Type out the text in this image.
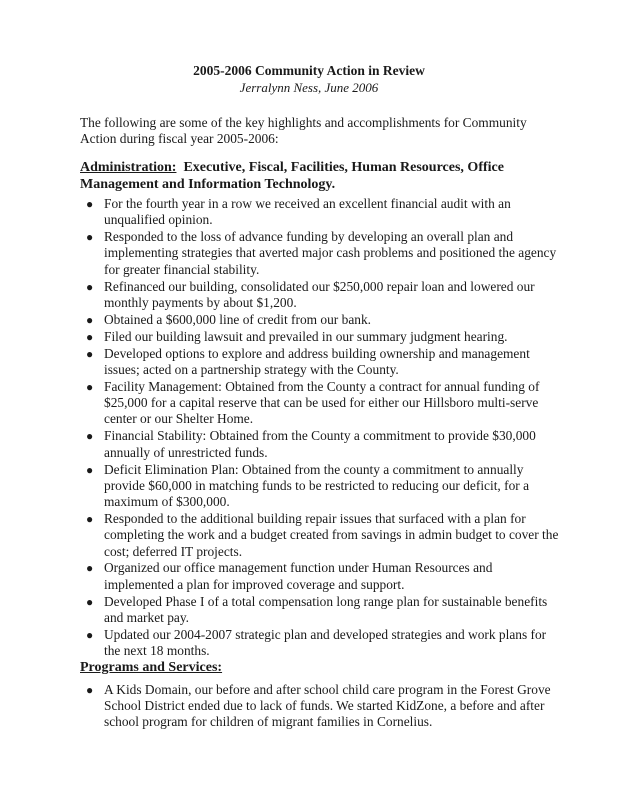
2005-2006 Community Action in Review
Jerralynn Ness, June 2006
The following are some of the key highlights and accomplishments for Community Action during fiscal year 2005-2006:

Administration:  Executive, Fiscal, Facilities, Human Resources, Office Management and Information Technology.

● For the fourth year in a row we received an excellent financial audit with an unqualified opinion.
● Responded to the loss of advance funding by developing an overall plan and implementing strategies that averted major cash problems and positioned the agency for greater financial stability.
● Refinanced our building, consolidated our $250,000 repair loan and lowered our monthly payments by about $1,200.
● Obtained a $600,000 line of credit from our bank.
● Filed our building lawsuit and prevailed in our summary judgment hearing.
● Developed options to explore and address building ownership and management issues; acted on a partnership strategy with the County.
● Facility Management: Obtained from the County a contract for annual funding of $25,000 for a capital reserve that can be used for either our Hillsboro multi-serve center or our Shelter Home.
● Financial Stability: Obtained from the County a commitment to provide $30,000 annually of unrestricted funds.
● Deficit Elimination Plan: Obtained from the county a commitment to annually provide $60,000 in matching funds to be restricted to reducing our deficit, for a maximum of $300,000.
● Responded to the additional building repair issues that surfaced with a plan for completing the work and a budget created from savings in admin budget to cover the cost; deferred IT projects.
● Organized our office management function under Human Resources and implemented a plan for improved coverage and support.
● Developed Phase I of a total compensation long range plan for sustainable benefits and market pay.
● Updated our 2004-2007 strategic plan and developed strategies and work plans for the next 18 months.

Programs and Services:

● A Kids Domain, our before and after school child care program in the Forest Grove School District ended due to lack of funds. We started KidZone, a before and after school program for children of migrant families in Cornelius.
